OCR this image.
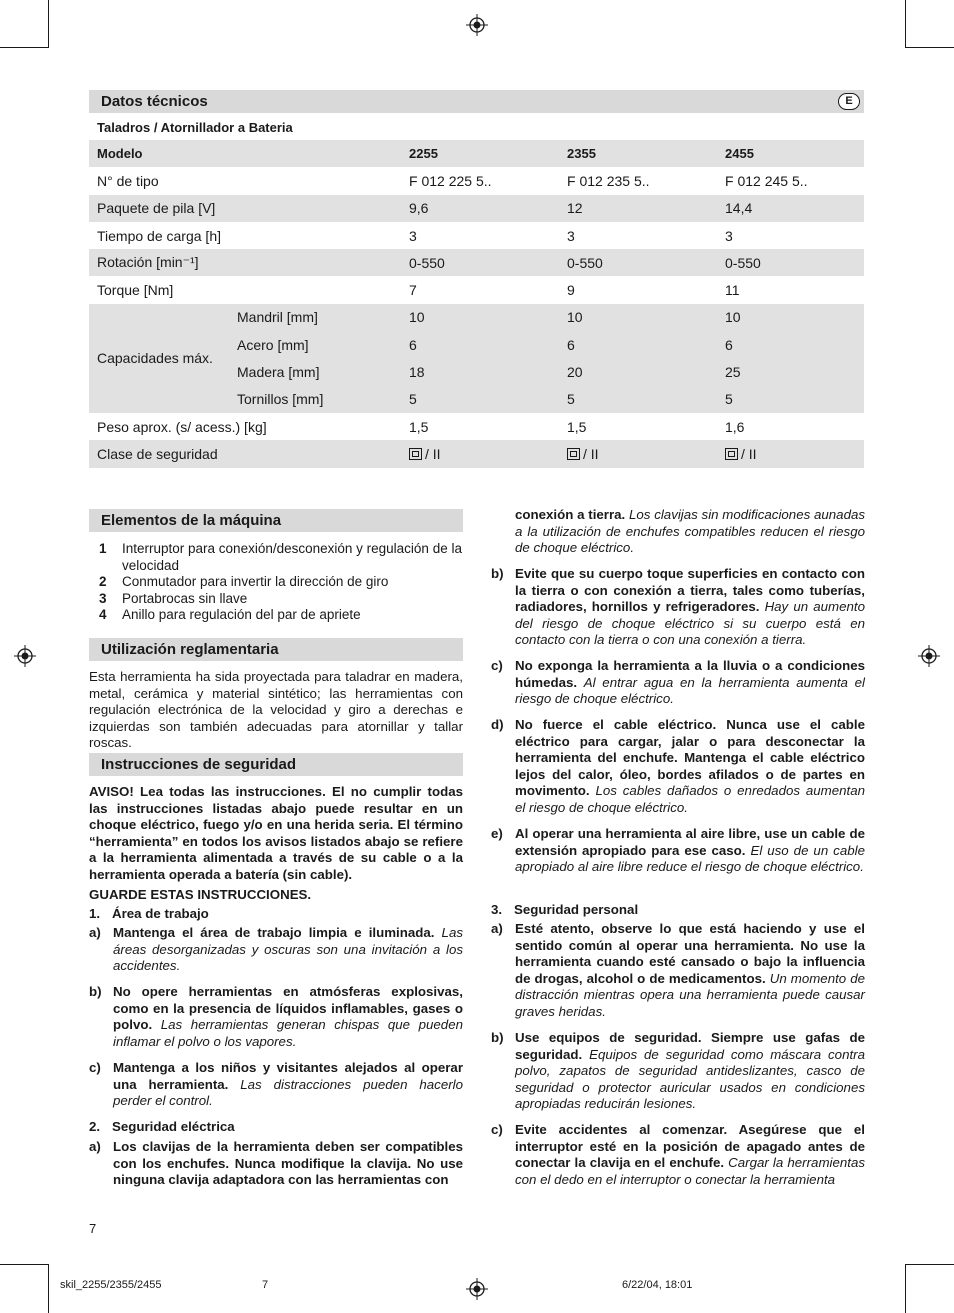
Datos técnicos	E
Taladros / Atornillador a Bateria
Modelo		2255	2355	2455
N° de tipo		F 012 225 5..	F 012 235 5..	F 012 245 5..
Paquete de pila [V]		9,6	12	14,4
Tiempo de carga [h]		3	3	3
Rotación [min⁻¹]		0-550	0-550	0-550
Torque [Nm]		7	9	11
Capacidades máx.	Mandril [mm]	10	10	10
	Acero [mm]	6	6	6
	Madera [mm]	18	20	25
	Tornillos [mm]	5	5	5
Peso aprox. (s/ acess.) [kg]		1,5	1,5	1,6
Clase de seguridad		/ II	/ II	/ II
Elementos de la máquina
1 Interruptor para conexión/desconexión y regulación de la velocidad
2 Conmutador para invertir la dirección de giro
3 Portabrocas sin llave
4 Anillo para regulación del par de apriete
Utilización reglamentaria
Esta herramienta ha sida proyectada para taladrar en madera, metal, cerámica y material sintético; las herramientas con regulación electrónica de la velocidad y giro a derechas e izquierdas son también adecuadas para atornillar y tallar roscas.
Instrucciones de seguridad
AVISO! Lea todas las instrucciones. El no cumplir todas las instrucciones listadas abajo puede resultar en un choque eléctrico, fuego y/o en una herida seria. El término “herramienta” en todos los avisos listados abajo se refiere a la herramienta alimentada a través de su cable o a la herramienta operada a batería (sin cable).
GUARDE ESTAS INSTRUCCIONES.
1. Área de trabajo
a) Mantenga el área de trabajo limpia e iluminada. Las áreas desorganizadas y oscuras son una invitación a los accidentes.
b) No opere herramientas en atmósferas explosivas, como en la presencia de líquidos inflamables, gases o polvo. Las herramientas generan chispas que pueden inflamar el polvo o los vapores.
c) Mantenga a los niños y visitantes alejados al operar una herramienta. Las distracciones pueden hacerlo perder el control.
2. Seguridad eléctrica
a) Los clavijas de la herramienta deben ser compatibles con los enchufes. Nunca modifique la clavija. No use ninguna clavija adaptadora con las herramientas con
conexión a tierra. Los clavijas sin modificaciones aunadas a la utilización de enchufes compatibles reducen el riesgo de choque eléctrico.
b) Evite que su cuerpo toque superficies en contacto con la tierra o con conexión a tierra, tales como tuberías, radiadores, hornillos y refrigeradores. Hay un aumento del riesgo de choque eléctrico si su cuerpo está en contacto con la tierra o con una conexión a tierra.
c) No exponga la herramienta a la lluvia o a condiciones húmedas. Al entrar agua en la herramienta aumenta el riesgo de choque eléctrico.
d) No fuerce el cable eléctrico. Nunca use el cable eléctrico para cargar, jalar o para desconectar la herramienta del enchufe. Mantenga el cable eléctrico lejos del calor, óleo, bordes afilados o de partes en movimento. Los cables dañados o enredados aumentan el riesgo de choque eléctrico.
e) Al operar una herramienta al aire libre, use un cable de extensión apropiado para ese caso. El uso de un cable apropiado al aire libre reduce el riesgo de choque eléctrico.
3. Seguridad personal
a) Esté atento, observe lo que está haciendo y use el sentido común al operar una herramienta. No use la herramienta cuando esté cansado o bajo la influencia de drogas, alcohol o de medicamentos. Un momento de distracción mientras opera una herramienta puede causar graves heridas.
b) Use equipos de seguridad. Siempre use gafas de seguridad. Equipos de seguridad como máscara contra polvo, zapatos de seguridad antideslizantes, casco de seguridad o protector auricular usados en condiciones apropiadas reducirán lesiones.
c) Evite accidentes al comenzar. Asegúrese que el interruptor esté en la posición de apagado antes de conectar la clavija en el enchufe. Cargar la herramientas con el dedo en el interruptor o conectar la herramienta
7
skil_2255/2355/2455	7	6/22/04, 18:01
